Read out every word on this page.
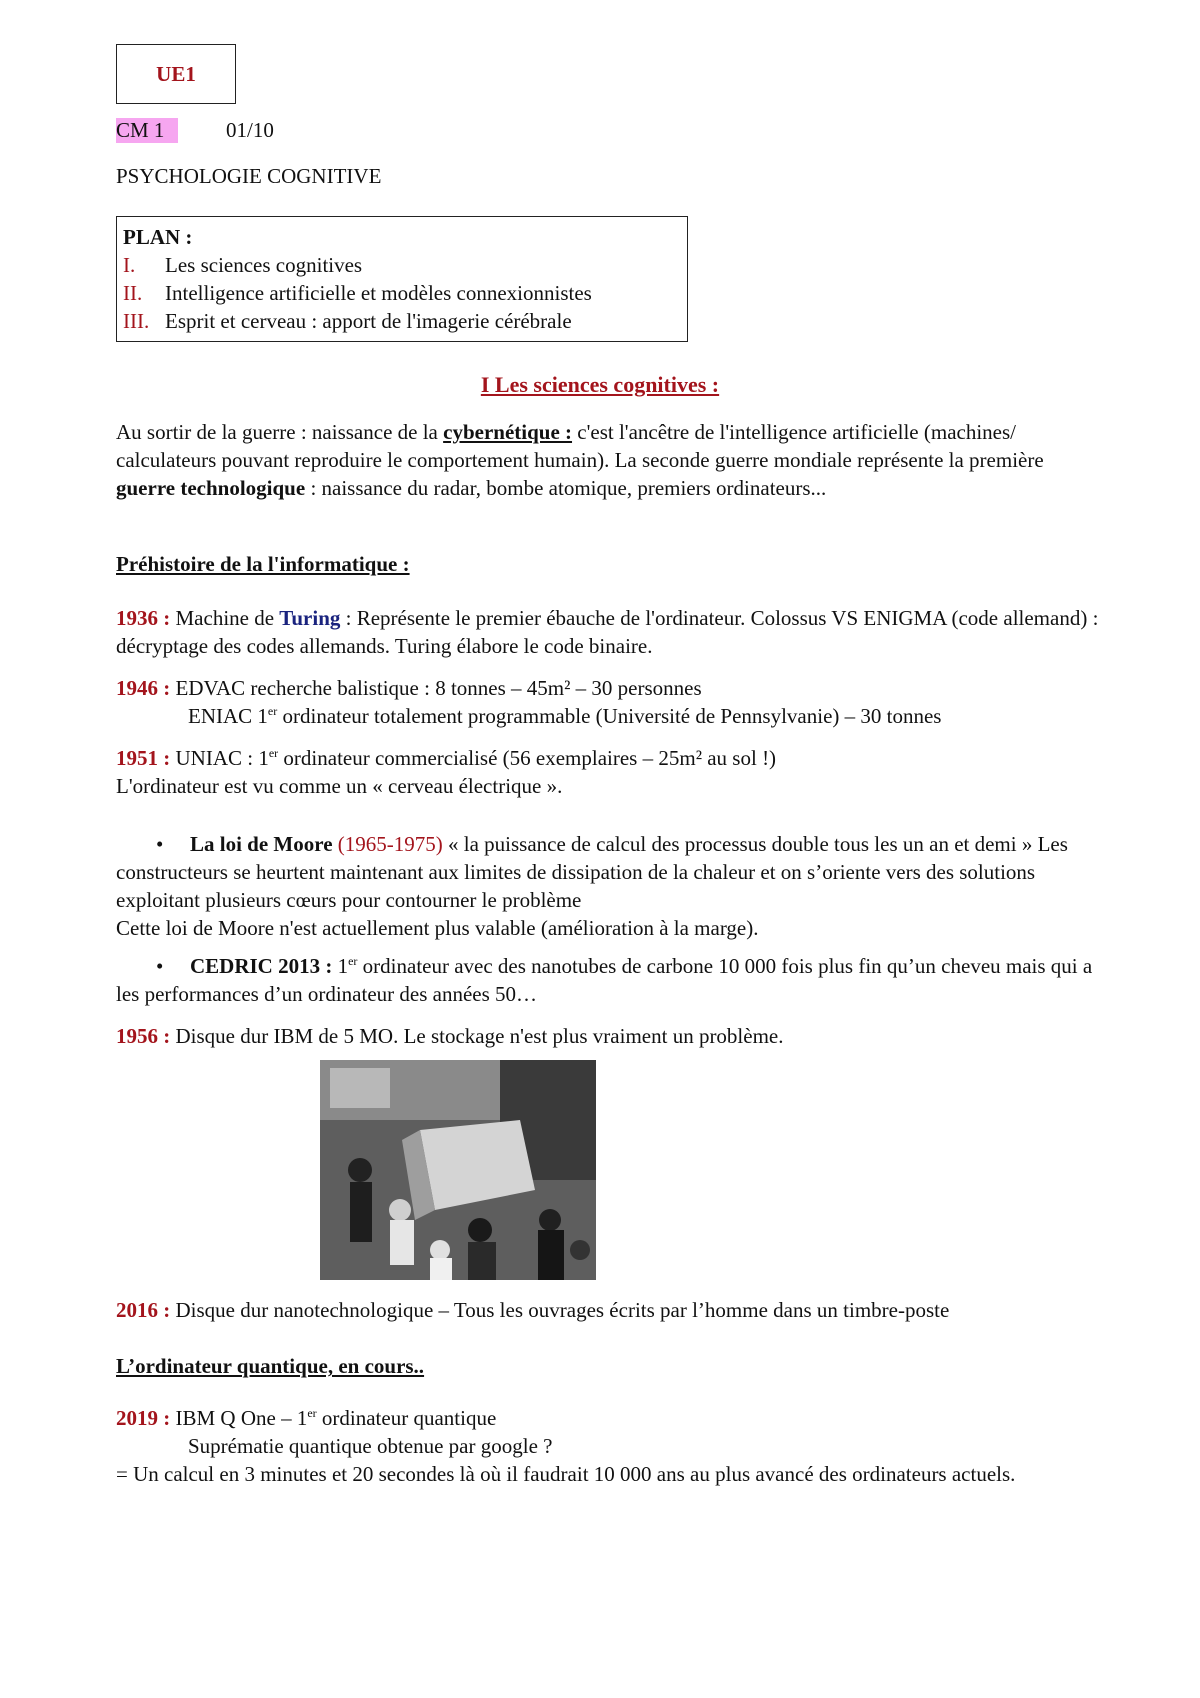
UE1
CM 1	01/10
PSYCHOLOGIE COGNITIVE
PLAN :
I. Les sciences cognitives
II. Intelligence artificielle et modèles connexionnistes
III. Esprit et cerveau : apport de l'imagerie cérébrale
I Les sciences cognitives :

Au sortir de la guerre : naissance de la cybernétique : c'est l'ancêtre de l'intelligence artificielle (machines/ calculateurs pouvant reproduire le comportement humain). La seconde guerre mondiale représente la première guerre technologique : naissance du radar, bombe atomique, premiers ordinateurs...

Préhistoire de la l'informatique :

1936 : Machine de Turing : Représente le premier ébauche de l'ordinateur. Colossus VS ENIGMA (code allemand) : décryptage des codes allemands. Turing élabore le code binaire.

1946 : EDVAC recherche balistique : 8 tonnes – 45m² – 30 personnes

ENIAC 1er ordinateur totalement programmable (Université de Pennsylvanie) – 30 tonnes

1951 : UNIAC : 1er ordinateur commercialisé (56 exemplaires – 25m² au sol !)

L'ordinateur est vu comme un « cerveau électrique ».

• La loi de Moore (1965-1975) « la puissance de calcul des processus double tous les un an et demi » Les constructeurs se heurtent maintenant aux limites de dissipation de la chaleur et on s’oriente vers des solutions exploitant plusieurs cœurs pour contourner le problème

Cette loi de Moore n'est actuellement plus valable (amélioration à la marge).

• CEDRIC 2013 : 1er ordinateur avec des nanotubes de carbone 10 000 fois plus fin qu’un cheveu mais qui a les performances d’un ordinateur des années 50…

1956 : Disque dur IBM de 5 MO. Le stockage n'est plus vraiment un problème.

2016 : Disque dur nanotechnologique – Tous les ouvrages écrits par l’homme dans un timbre-poste

L’ordinateur quantique, en cours..

2019 : IBM Q One – 1er ordinateur quantique

Suprématie quantique obtenue par google ?

= Un calcul en 3 minutes et 20 secondes là où il faudrait 10 000 ans au plus avancé des ordinateurs actuels.
